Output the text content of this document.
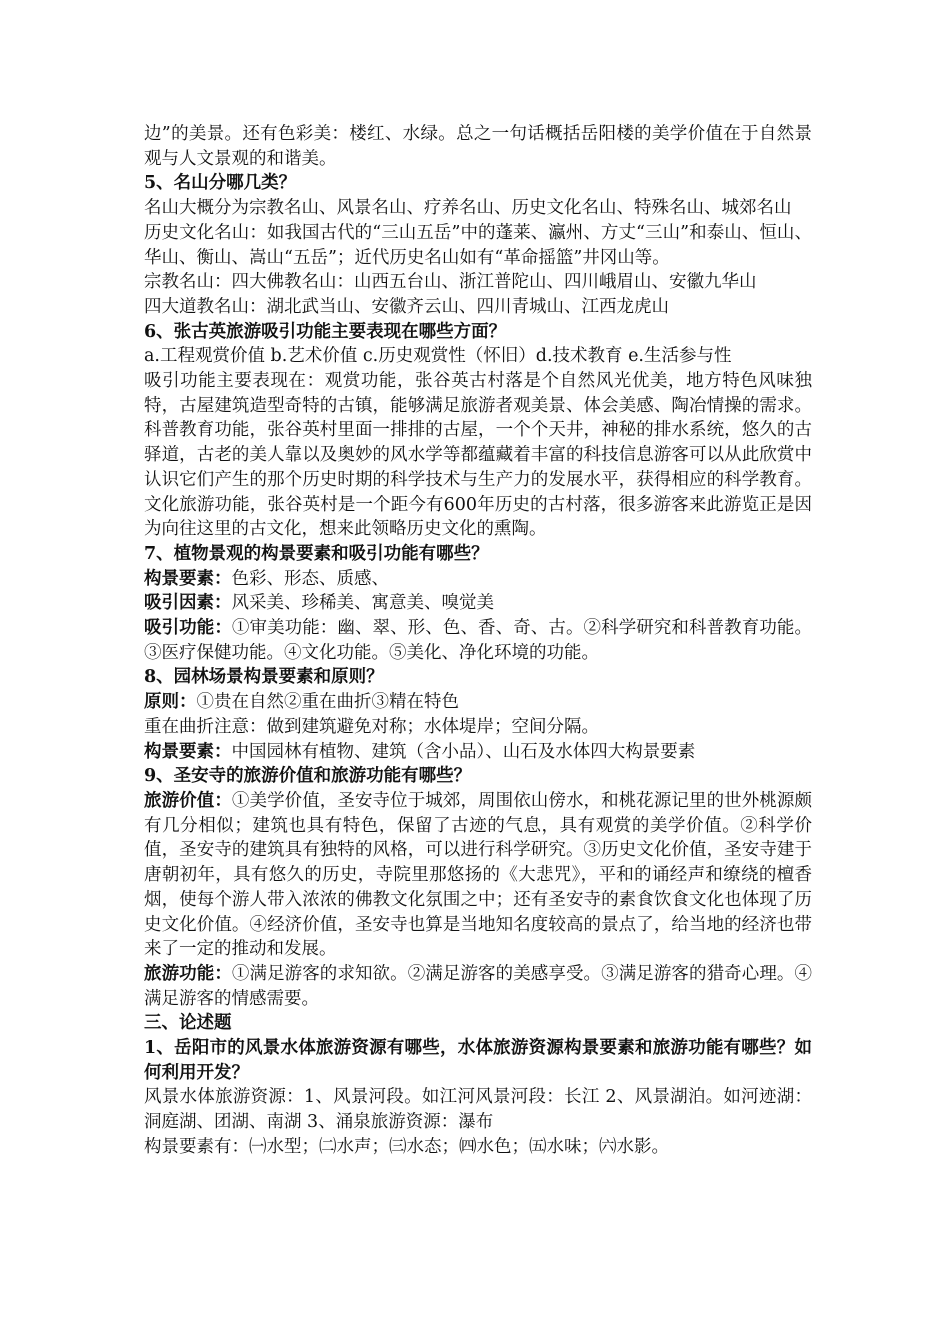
边”的美景。还有色彩美：楼红、水绿。总之一句话概括岳阳楼的美学价值在于自然景观与人文景观的和谐美。

5、名山分哪几类？

名山大概分为宗教名山、风景名山、疗养名山、历史文化名山、特殊名山、城郊名山

历史文化名山：如我国古代的“三山五岳”中的蓬莱、瀛州、方丈“三山”和泰山、恒山、华山、衡山、嵩山“五岳”；近代历史名山如有“革命摇篮”井冈山等。

宗教名山：四大佛教名山：山西五台山、浙江普陀山、四川峨眉山、安徽九华山

四大道教名山：湖北武当山、安徽齐云山、四川青城山、江西龙虎山

6、张古英旅游吸引功能主要表现在哪些方面？

a.工程观赏价值 b.艺术价值 c.历史观赏性（怀旧）d.技术教育 e.生活参与性

吸引功能主要表现在：观赏功能，张谷英古村落是个自然风光优美，地方特色风味独特，古屋建筑造型奇特的古镇，能够满足旅游者观美景、体会美感、陶冶情操的需求。科普教育功能，张谷英村里面一排排的古屋，一个个天井，神秘的排水系统，悠久的古驿道，古老的美人靠以及奥妙的风水学等都蕴藏着丰富的科技信息游客可以从此欣赏中认识它们产生的那个历史时期的科学技术与生产力的发展水平，获得相应的科学教育。文化旅游功能，张谷英村是一个距今有600年历史的古村落，很多游客来此游览正是因为向往这里的古文化，想来此领略历史文化的熏陶。

7、植物景观的构景要素和吸引功能有哪些？

构景要素：色彩、形态、质感、

吸引因素：风采美、珍稀美、寓意美、嗅觉美

吸引功能：①审美功能：幽、翠、形、色、香、奇、古。②科学研究和科普教育功能。③医疗保健功能。④文化功能。⑤美化、净化环境的功能。

8、园林场景构景要素和原则？

原则：①贵在自然②重在曲折③精在特色

重在曲折注意：做到建筑避免对称；水体堤岸；空间分隔。

构景要素：中国园林有植物、建筑（含小品）、山石及水体四大构景要素

9、圣安寺的旅游价值和旅游功能有哪些？

旅游价值：①美学价值，圣安寺位于城郊，周围依山傍水，和桃花源记里的世外桃源颇有几分相似；建筑也具有特色，保留了古迹的气息，具有观赏的美学价值。②科学价值，圣安寺的建筑具有独特的风格，可以进行科学研究。③历史文化价值，圣安寺建于唐朝初年，具有悠久的历史，寺院里那悠扬的《大悲咒》，平和的诵经声和缭绕的檀香烟，使每个游人带入浓浓的佛教文化氛围之中；还有圣安寺的素食饮食文化也体现了历史文化价值。④经济价值，圣安寺也算是当地知名度较高的景点了，给当地的经济也带来了一定的推动和发展。

旅游功能：①满足游客的求知欲。②满足游客的美感享受。③满足游客的猎奇心理。④满足游客的情感需要。

三、论述题

1、岳阳市的风景水体旅游资源有哪些，水体旅游资源构景要素和旅游功能有哪些？如何利用开发？

风景水体旅游资源：1、风景河段。如江河风景河段：长江 2、风景湖泊。如河迹湖：洞庭湖、团湖、南湖 3、涌泉旅游资源：瀑布

构景要素有：㈠水型；㈡水声；㈢水态；㈣水色；㈤水味；㈥水影。
